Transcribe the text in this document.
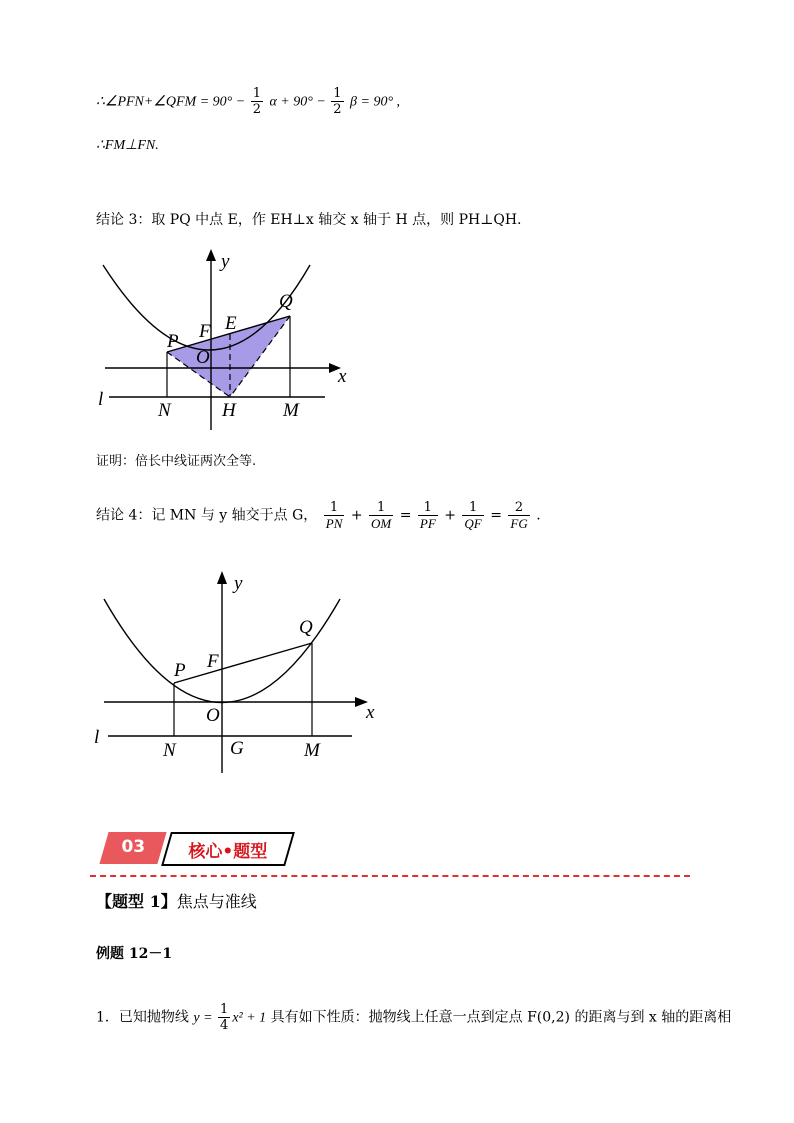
∴∠PFN+∠QFM = $90^\circ - \frac{1}{2}$ $\alpha + 90^\circ - \frac{1}{2}$ β = 90° ,
∴FM⊥FN.
结论 3：取 PQ 中点 E，作 EH⊥x 轴交 x 轴于 H 点，则 PH⊥QH.
y
x
Q
P F E
O
l
N	H M
证明：倍长中线证两次全等.
结论 4：记 MN 与 y 轴交于点 G， $\frac{1}{PN} + \frac{1}{OM} = \frac{1}{PF} + \frac{1}{QF} = \frac{2}{FG}$ .
y
x
Q
P F
O
l
N	G	M
03	核心•题型
【题型 1】焦点与准线
例题 12－1
1．已知抛物线 $y = \frac{1}{4} x^2 + 1$ 具有如下性质：抛物线上任意一点到定点 F(0,2) 的距离与到 x 轴的距离相
